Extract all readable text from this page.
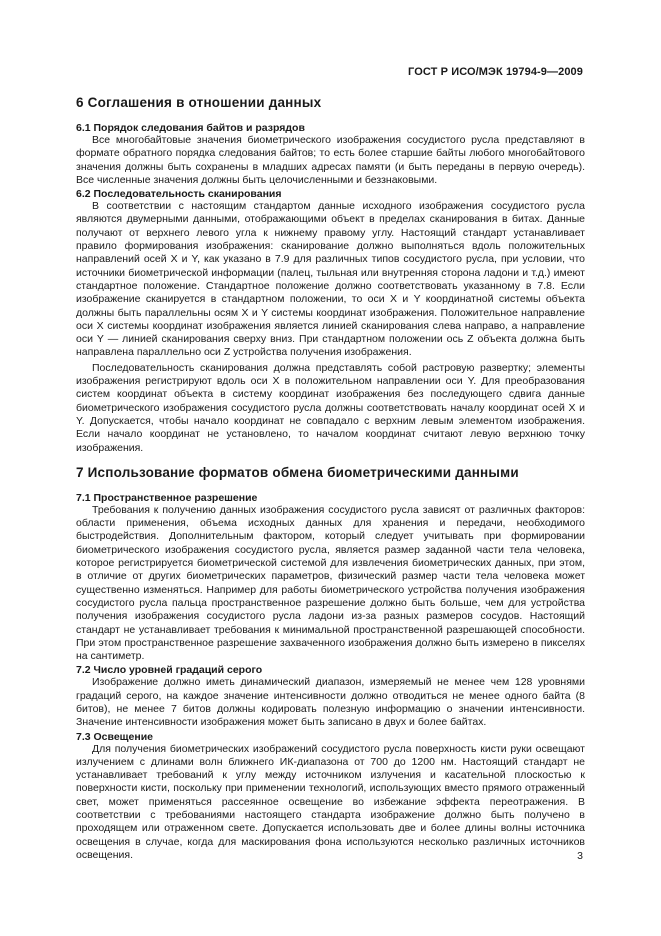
ГОСТ Р ИСО/МЭК 19794-9—2009
6 Соглашения в отношении данных
6.1 Порядок следования байтов и разрядов

Все многобайтовые значения биометрического изображения сосудистого русла представляют в формате обратного порядка следования байтов; то есть более старшие байты любого многобайтового значения должны быть сохранены в младших адресах памяти (и быть переданы в первую очередь). Все численные значения должны быть целочисленными и беззнаковыми.

6.2 Последовательность сканирования

В соответствии с настоящим стандартом данные исходного изображения сосудистого русла являются двумерными данными, отображающими объект в пределах сканирования в битах. Данные получают от верхнего левого угла к нижнему правому углу. Настоящий стандарт устанавливает правило формирования изображения: сканирование должно выполняться вдоль положительных направлений осей X и Y, как указано в 7.9 для различных типов сосудистого русла, при условии, что источники биометрической информации (палец, тыльная или внутренняя сторона ладони и т.д.) имеют стандартное положение. Стандартное положение должно соответствовать указанному в 7.8. Если изображение сканируется в стандартном положении, то оси X и Y координатной системы объекта должны быть параллельны осям X и Y системы координат изображения. Положительное направление оси X системы координат изображения является линией сканирования слева направо, а направление оси Y — линией сканирования сверху вниз. При стандартном положении ось Z объекта должна быть направлена параллельно оси Z устройства получения изображения.

Последовательность сканирования должна представлять собой растровую развертку; элементы изображения регистрируют вдоль оси X в положительном направлении оси Y. Для преобразования систем координат объекта в систему координат изображения без последующего сдвига данные биометрического изображения сосудистого русла должны соответствовать началу координат осей X и Y. Допускается, чтобы начало координат не совпадало с верхним левым элементом изображения. Если начало координат не установлено, то началом координат считают левую верхнюю точку изображения.

7 Использование форматов обмена биометрическими данными
7.1 Пространственное разрешение

Требования к получению данных изображения сосудистого русла зависят от различных факторов: области применения, объема исходных данных для хранения и передачи, необходимого быстродействия. Дополнительным фактором, который следует учитывать при формировании биометрического изображения сосудистого русла, является размер заданной части тела человека, которое регистрируется биометрической системой для извлечения биометрических данных, при этом, в отличие от других биометрических параметров, физический размер части тела человека может существенно изменяться. Например для работы биометрического устройства получения изображения сосудистого русла пальца пространственное разрешение должно быть больше, чем для устройства получения изображения сосудистого русла ладони из-за разных размеров сосудов. Настоящий стандарт не устанавливает требования к минимальной пространственной разрешающей способности. При этом пространственное разрешение захваченного изображения должно быть измерено в пикселях на сантиметр.

7.2 Число уровней градаций серого

Изображение должно иметь динамический диапазон, измеряемый не менее чем 128 уровнями градаций серого, на каждое значение интенсивности должно отводиться не менее одного байта (8 битов), не менее 7 битов должны кодировать полезную информацию о значении интенсивности. Значение интенсивности изображения может быть записано в двух и более байтах.

7.3 Освещение

Для получения биометрических изображений сосудистого русла поверхность кисти руки освещают излучением с длинами волн ближнего ИК-диапазона от 700 до 1200 нм. Настоящий стандарт не устанавливает требований к углу между источником излучения и касательной плоскостью к поверхности кисти, поскольку при применении технологий, использующих вместо прямого отраженный свет, может применяться рассеянное освещение во избежание эффекта переотражения. В соответствии с требованиями настоящего стандарта изображение должно быть получено в проходящем или отраженном свете. Допускается использовать две и более длины волны источника освещения в случае, когда для маскирования фона используются несколько различных источников освещения.	3
